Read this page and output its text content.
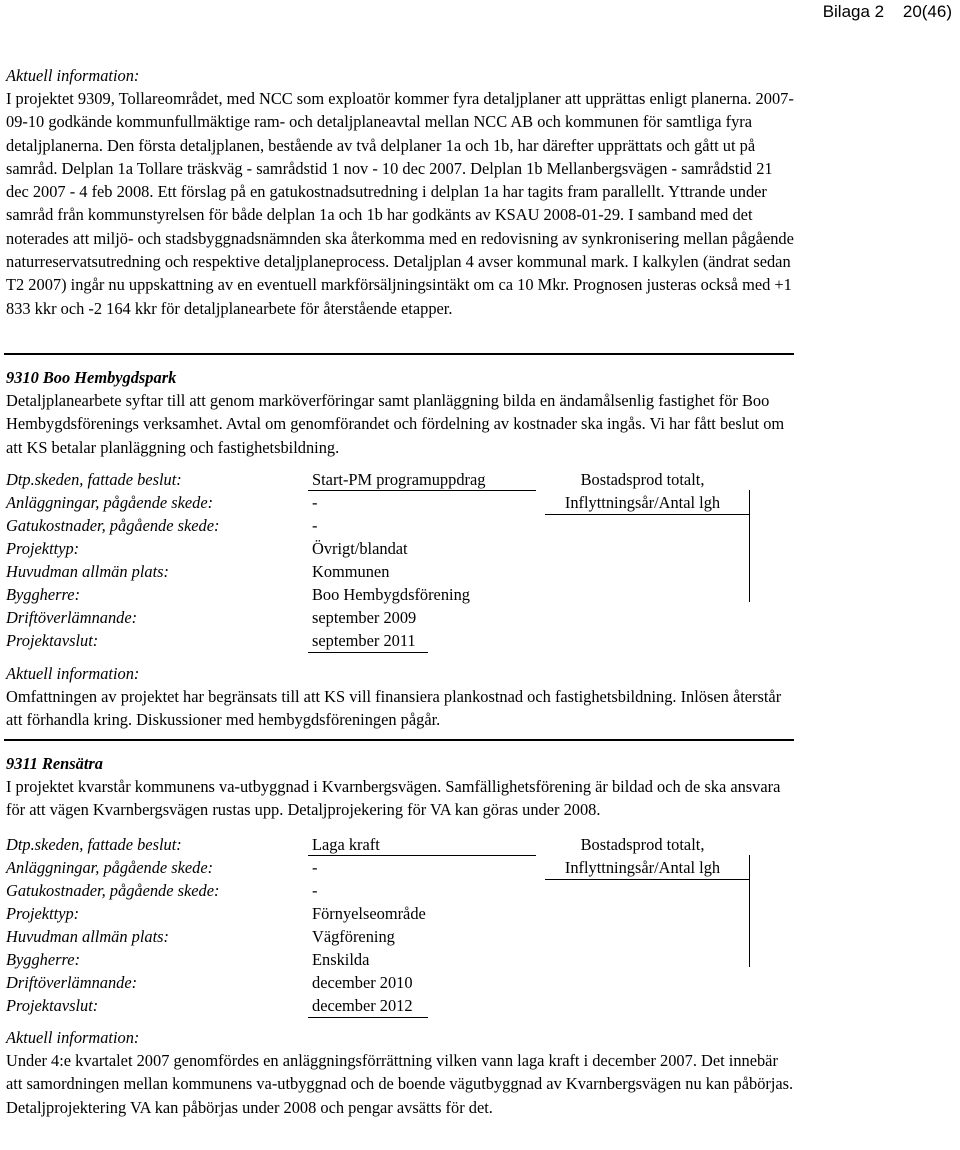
Bilaga 2 20(46)
Aktuell information:
I projektet 9309, Tollareområdet, med NCC som exploatör kommer fyra detaljplaner att upprättas enligt planerna. 2007-09-10 godkände kommunfullmäktige ram- och detaljplaneavtal mellan NCC AB och kommunen för samtliga fyra detaljplanerna. Den första detaljplanen, bestående av två delplaner 1a och 1b, har därefter upprättats och gått ut på samråd. Delplan 1a Tollare träskväg - samrådstid 1 nov - 10 dec 2007. Delplan 1b Mellanbergsvägen - samrådstid 21 dec 2007 - 4 feb 2008. Ett förslag på en gatukostnadsutredning i delplan 1a har tagits fram parallellt. Yttrande under samråd från kommunstyrelsen för både delplan 1a och 1b har godkänts av KSAU 2008-01-29. I samband med det noterades att miljö- och stadsbyggnadsnämnden ska återkomma med en redovisning av synkronisering mellan pågående naturreservatsutredning och respektive detaljplaneprocess. Detaljplan 4 avser kommunal mark. I kalkylen (ändrat sedan T2 2007) ingår nu uppskattning av en eventuell markförsäljningsintäkt om ca 10 Mkr. Prognosen justeras också med +1 833 kkr och -2 164 kkr för detaljplanearbete för återstående etapper.
9310 Boo Hembygdspark
Detaljplanearbete syftar till att genom marköverföringar samt planläggning bilda en ändamålsenlig fastighet för Boo Hembygdsförenings verksamhet. Avtal om genomförandet och fördelning av kostnader ska ingås. Vi har fått beslut om att KS betalar planläggning och fastighetsbildning.
Dtp.skeden, fattade beslut:	Start-PM programuppdrag
Anläggningar, pågående skede:	-
Gatukostnader, pågående skede:	-
Projekttyp:	Övrigt/blandat
Huvudman allmän plats:	Kommunen
Byggherre:	Boo Hembygdsförening
Driftöverlämnande:	september 2009
Projektavslut:	september 2011
Bostadsprod totalt,
Inflyttningsår/Antal lgh
Aktuell information:
Omfattningen av projektet har begränsats till att KS vill finansiera plankostnad och fastighetsbildning. Inlösen återstår att förhandla kring. Diskussioner med hembygdsföreningen pågår.
9311 Rensätra
I projektet kvarstår kommunens va-utbyggnad i Kvarnbergsvägen. Samfällighetsförening är bildad och de ska ansvara för att vägen Kvarnbergsvägen rustas upp. Detaljprojekering för VA kan göras under 2008.
Dtp.skeden, fattade beslut:	Laga kraft
Anläggningar, pågående skede:	-
Gatukostnader, pågående skede:	-
Projekttyp:	Förnyelseområde
Huvudman allmän plats:	Vägförening
Byggherre:	Enskilda
Driftöverlämnande:	december 2010
Projektavslut:	december 2012
Bostadsprod totalt,
Inflyttningsår/Antal lgh
Aktuell information:
Under 4:e kvartalet 2007 genomfördes en anläggningsförrättning vilken vann laga kraft i december 2007. Det innebär att samordningen mellan kommunens va-utbyggnad och de boende vägutbyggnad av Kvarnbergsvägen nu kan påbörjas. Detaljprojektering VA kan påbörjas under 2008 och pengar avsätts för det.
